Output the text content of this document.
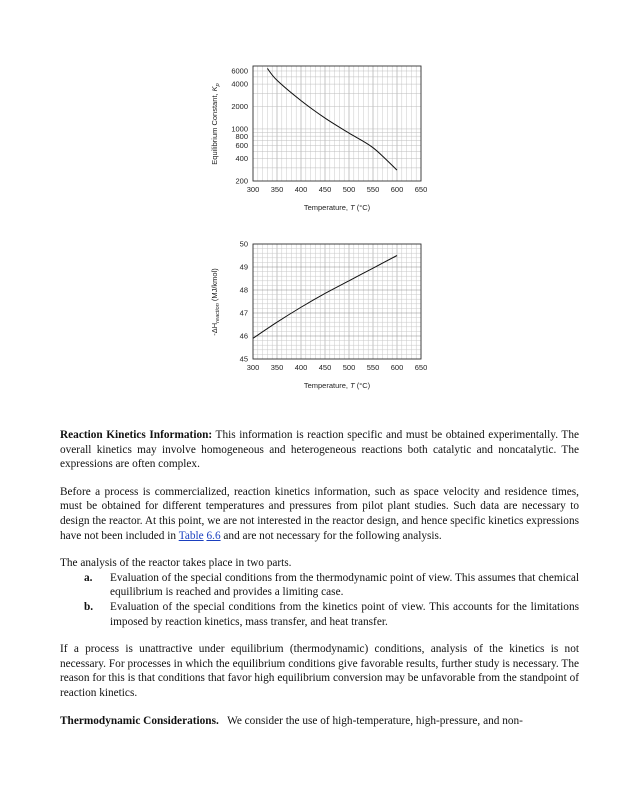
300 350 400 450 500 550 600 650
200
400
600
800
1000
2000
4000
6000
Temperature, T (°C)
Equilibrium Constant, $K_p$
300 350 400 450 500 550 600 650
45
46
47
48
49
50
Temperature, T (°C)
$-\Delta H_{reaction}$ (MJ/kmol)

Reaction Kinetics Information: This information is reaction specific and must be obtained experimentally. The overall kinetics may involve homogeneous and heterogeneous reactions both catalytic and noncatalytic. The expressions are often complex.

Before a process is commercialized, reaction kinetics information, such as space velocity and residence times, must be obtained for different temperatures and pressures from pilot plant studies. Such data are necessary to design the reactor. At this point, we are not interested in the reactor design, and hence specific kinetics expressions have not been included in Table 6.6 and are not necessary for the following analysis.

The analysis of the reactor takes place in two parts.
a. Evaluation of the special conditions from the thermodynamic point of view. This assumes that chemical equilibrium is reached and provides a limiting case.
b. Evaluation of the special conditions from the kinetics point of view. This accounts for the limitations imposed by reaction kinetics, mass transfer, and heat transfer.

If a process is unattractive under equilibrium (thermodynamic) conditions, analysis of the kinetics is not necessary. For processes in which the equilibrium conditions give favorable results, further study is necessary. The reason for this is that conditions that favor high equilibrium conversion may be unfavorable from the standpoint of reaction kinetics.

Thermodynamic Considerations.   We consider the use of high-temperature, high-pressure, and non-
